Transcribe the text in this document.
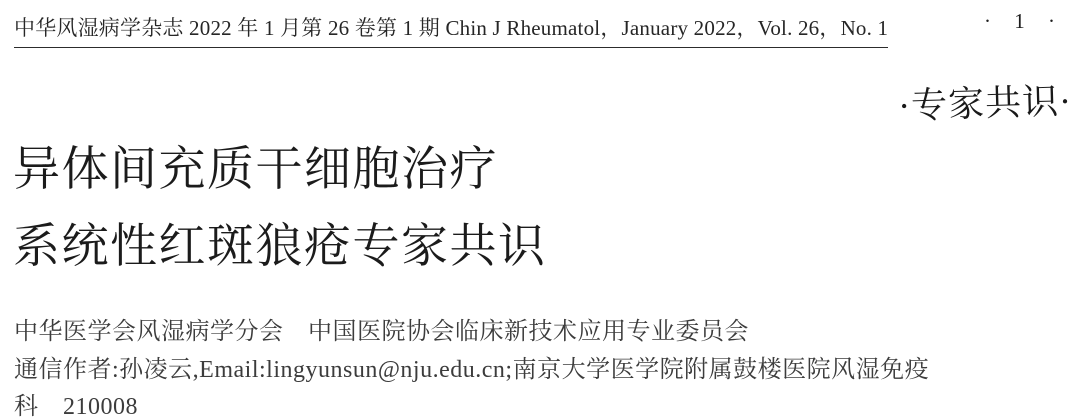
中华风湿病学杂志 2022 年 1 月第 26 卷第 1 期 Chin J Rheumatol，January 2022，Vol. 26，No. 1	· 1 ·
·专家共识·
异体间充质干细胞治疗
系统性红斑狼疮专家共识

中华医学会风湿病学分会　中国医院协会临床新技术应用专业委员会

通信作者:孙凌云,Email:lingyunsun@nju.edu.cn;南京大学医学院附属鼓楼医院风湿免疫

科　210008
